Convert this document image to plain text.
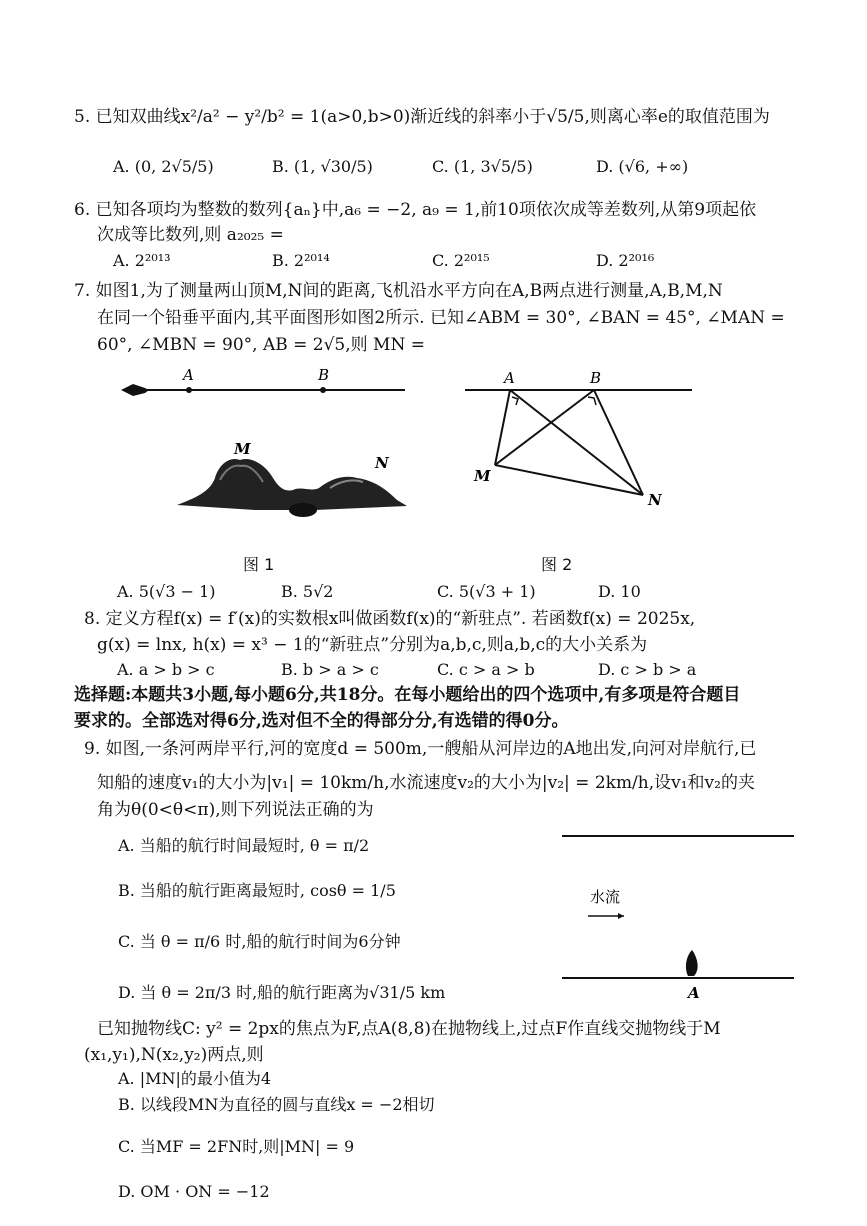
5. 已知双曲线x²/a² − y²/b² = 1(a>0,b>0)渐近线的斜率小于√5/5,则离心率e的取值范围为
A. (0, 2√5/5)	B. (1, √30/5)	C. (1, 3√5/5)	D. (√6, +∞)
6. 已知各项均为整数的数列{aₙ}中,a₆ = −2, a₉ = 1,前10项依次成等差数列,从第9项起依
次成等比数列,则 a₂₀₂₅ =
A. 2²⁰¹³	B. 2²⁰¹⁴	C. 2²⁰¹⁵	D. 2²⁰¹⁶
7. 如图1,为了测量两山顶M,N间的距离,飞机沿水平方向在A,B两点进行测量,A,B,M,N
在同一个铅垂平面内,其平面图形如图2所示. 已知∠ABM = 30°, ∠BAN = 45°, ∠MAN =
60°, ∠MBN = 90°, AB = 2√5,则 MN =
A	B
M
N
图 1
A	B
M
N
图 2
A. 5(√3 − 1)	B. 5√2	C. 5(√3 + 1)	D. 10
8. 定义方程f(x) = f′(x)的实数根x叫做函数f(x)的“新驻点”. 若函数f(x) = 2025x,
g(x) = lnx, h(x) = x³ − 1的“新驻点”分别为a,b,c,则a,b,c的大小关系为
A. a > b > c	B. b > a > c	C. c > a > b	D. c > b > a
选择题:本题共3小题,每小题6分,共18分。在每小题给出的四个选项中,有多项是符合题目
要求的。全部选对得6分,选对但不全的得部分分,有选错的得0分。
9. 如图,一条河两岸平行,河的宽度d = 500m,一艘船从河岸边的A地出发,向河对岸航行,已
知船的速度v₁的大小为|v₁| = 10km/h,水流速度v₂的大小为|v₂| = 2km/h,设v₁和v₂的夹
角为θ(0<θ<π),则下列说法正确的为
A. 当船的航行时间最短时, θ = π/2
B. 当船的航行距离最短时, cosθ = 1/5
C. 当 θ = π/6 时,船的航行时间为6分钟
D. 当 θ = 2π/3 时,船的航行距离为√31/5 km
水流
A
已知抛物线C: y² = 2px的焦点为F,点A(8,8)在抛物线上,过点F作直线交抛物线于M
(x₁,y₁),N(x₂,y₂)两点,则
A. |MN|的最小值为4
B. 以线段MN为直径的圆与直线x = −2相切
C. 当MF = 2FN时,则|MN| = 9
D. OM · ON = −12
